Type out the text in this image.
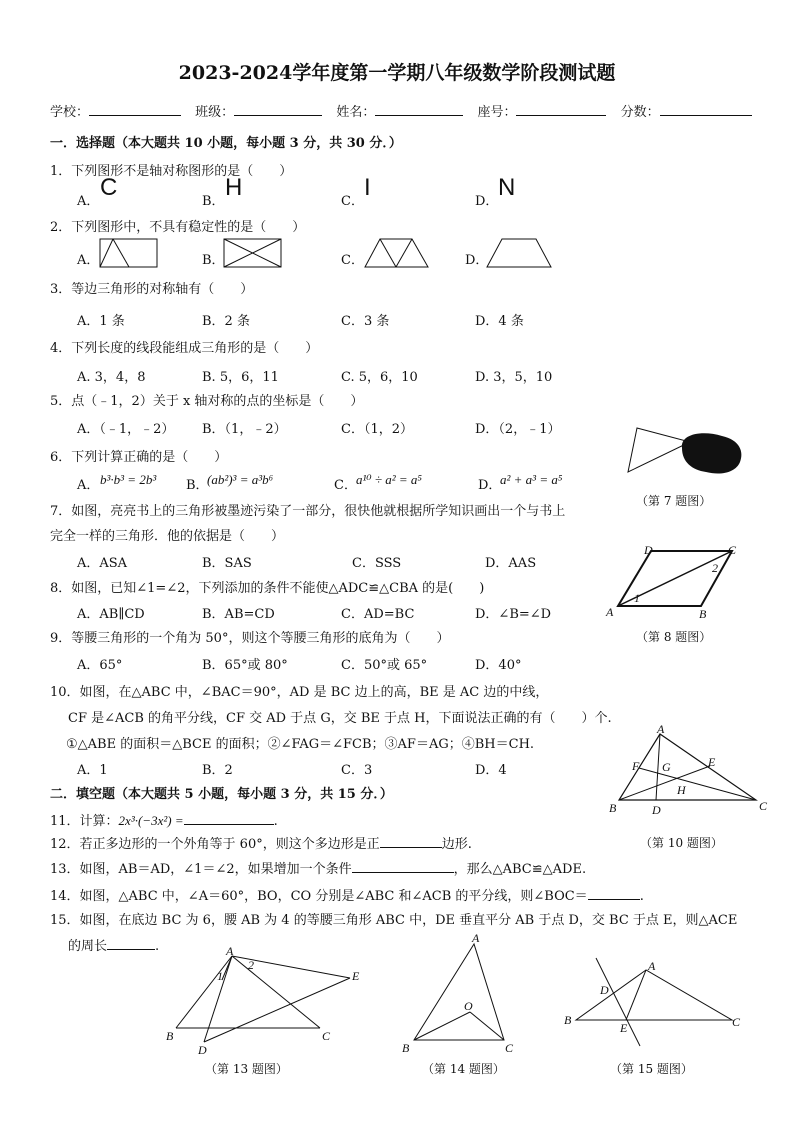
2023-2024学年度第一学期八年级数学阶段测试题
学校：	班级：	姓名：	座号：	分数：
一．选择题（本大题共 10 小题，每小题 3 分，共 30 分．）
1．下列图形不是轴对称图形的是（　　）
A．
C
B．
H
C．
I
D．
N
2．下列图形中，不具有稳定性的是（　　）
A．	B．	C．	D．
3．等边三角形的对称轴有（　　）
A．1 条	B．2 条	C．3 条	D．4 条
4．下列长度的线段能组成三角形的是（　　）
A. 3，4，8	B. 5，6，11	C. 5，6，10	D. 3，5，10
5．点（﹣1，2）关于 x 轴对称的点的坐标是（　　）
A．（﹣1，﹣2） B．（1，﹣2）	C．（1，2）	D．（2，﹣1）
（第 7 题图）
6．下列计算正确的是（　　）
A． b³·b³ = 2b³ B．
(ab²)³ = a³b⁶	C． a¹⁰ ÷ a² = a⁵	D．
a² + a³ = a⁵
7．如图，亮亮书上的三角形被墨迹污染了一部分，很快他就根据所学知识画出一个与书上
完全一样的三角形．他的依据是（　　）
A．ASA	B．SAS	C．SSS	D．AAS
D	C
A	B
1
2
（第 8 题图）
8．如图，已知∠1=∠2，下列添加的条件不能使△ADC≌△CBA 的是(　　)
A．AB∥CD	B．AB=CD	C．AD=BC	D．∠B=∠D
9．等腰三角形的一个角为 50°，则这个等腰三角形的底角为（　　）
A．65°	B．65°或 80°	C．50°或 65°	D．40°
10．如图，在△ABC 中，∠BAC＝90°，AD 是 BC 边上的高，BE 是 AC 边的中线，
CF 是∠ACB 的角平分线，CF 交 AD 于点 G，交 BE 于点 H，下面说法正确的有（　　）个.
①△ABE 的面积＝△BCE 的面积；②∠FAG＝∠FCB；③AF＝AG；④BH＝CH.
A．1	B．2	C．3	D．4
A
B	C
D
E
F G
H
（第 10 题图）
二．填空题（本大题共 5 小题，每小题 3 分，共 15 分．）
11．计算：2x³·(−3x²) =	.
12．若正多边形的一个外角等于 60°，则这个多边形是正	边形.
13．如图，AB＝AD，∠1＝∠2，如果增加一个条件	，那么△ABC≌△ADE.
14．如图，△ABC 中，∠A＝60°，BO，CO 分别是∠ABC 和∠ACB 的平分线，则∠BOC＝	.
15．如图，在底边 BC 为 6，腰 AB 为 4 的等腰三角形 ABC 中，DE 垂直平分 AB 于点 D，交 BC 于点 E，则△ACE
的周长	.	A
B	C
D
E
1
2
（第 13 题图）
A
B	C
O
（第 14 题图）
A
B	C
D
E
（第 15 题图）
